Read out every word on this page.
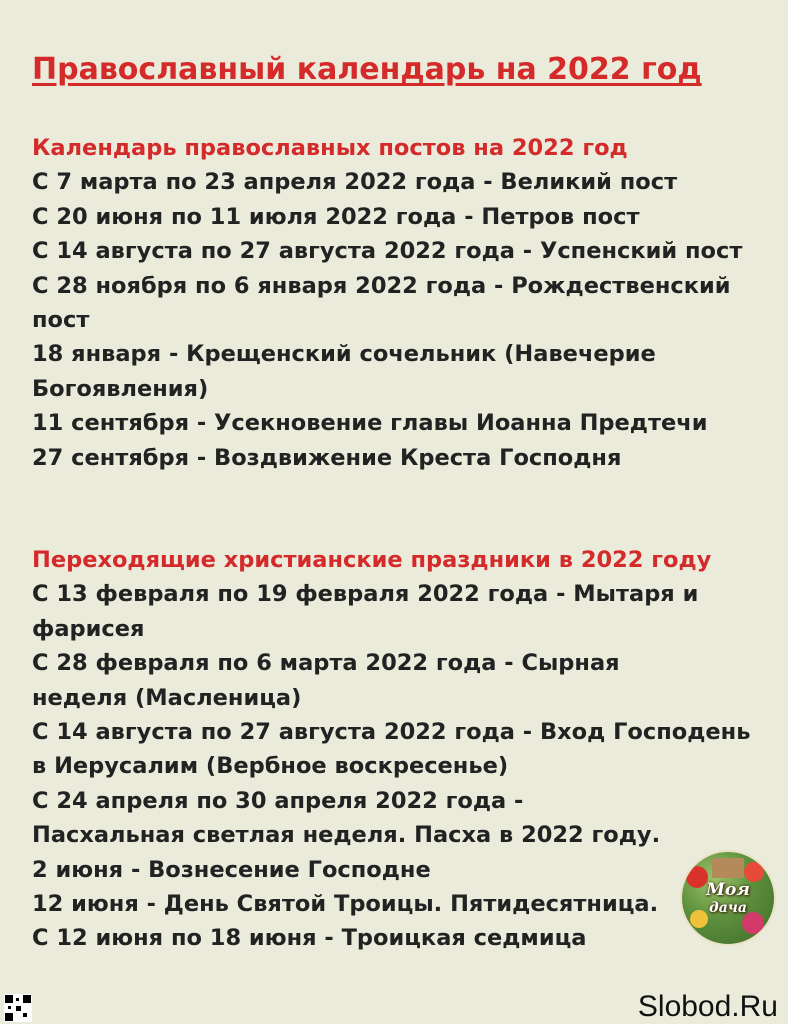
Православный календарь на 2022 год
Календарь православных постов на 2022 год
С 7 марта по 23 апреля 2022 года - Великий пост
С 20 июня по 11 июля 2022 года - Петров пост
С 14 августа по 27 августа 2022 года - Успенский пост
С 28 ноября по 6 января 2022 года - Рождественский пост
18 января - Крещенский сочельник (Навечерие Богоявления)
11 сентября - Усекновение главы Иоанна Предтечи
27 сентября - Воздвижение Креста Господня
Переходящие христианские праздники в 2022 году
С 13 февраля по 19 февраля 2022 года - Мытаря и фарисея
С 28 февраля по 6 марта 2022 года - Сырная неделя (Масленица)
С 14 августа по 27 августа 2022 года - Вход Господень в Иерусалим (Вербное воскресенье)
С 24 апреля по 30 апреля 2022 года - Пасхальная светлая неделя. Пасха в 2022 году.
2 июня - Вознесение Господне
12 июня - День Святой Троицы. Пятидесятница.
С 12 июня по 18 июня - Троицкая седмица
Моя
дача
Slobod.Ru
